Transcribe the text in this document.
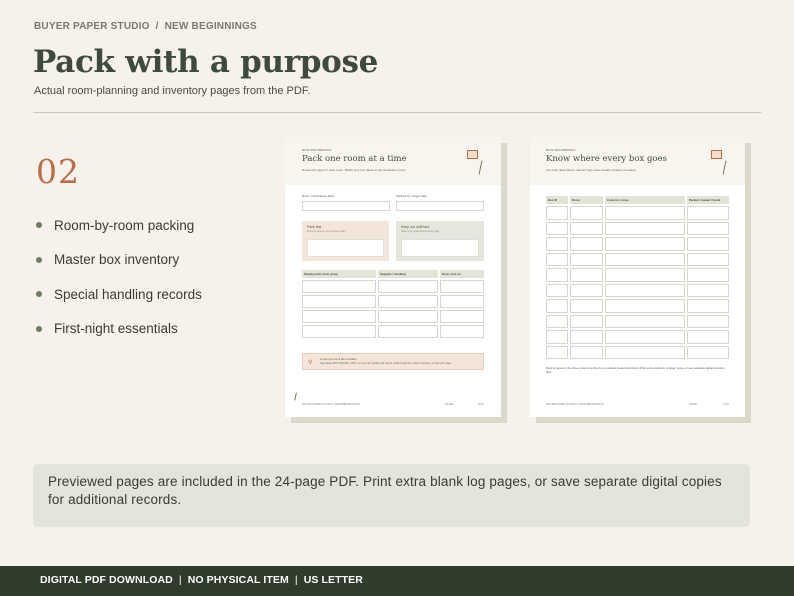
BUYER PAPER STUDIO / NEW BEGINNINGS
Pack with a purpose

Actual room-planning and inventory pages from the PDF.

02
Room-by-room packing
Master box inventory
Special handling records
First-night essentials
NEW BEGINNINGS
Pack one room at a time
Reuse this page for each room. Match your box labels to the destination room.
Room / destination label	Packed by / target date
Pack first
Items in rooms you use less often
Keep out until last
Items you need almost every day
Packing task / item group	Supplies / handling	Done / box no.

⚲
A room is not a box number.
Use labels WITH ROOM + BOX, so you can quickly find what's packed with the master inventory on the next page.
BUYER PAPER STUDIO | NEW BEGINNINGS	PAGE	6/24
NEW BEGINNINGS
Know where every box goes
Use brief descriptions. Record high value details privately if needed.
Box ID	Room	Contents / notes	Packed / loaded / found

Mark progress in the three columns at the box is packed, loaded and found. Print extra copies for a larger move, or use separate digital inventory files.
BUYER PAPER STUDIO | NEW BEGINNINGS	PAGE	7/24
Previewed pages are included in the 24-page PDF. Print extra blank log pages, or save separate digital copies for additional records.
DIGITAL PDF DOWNLOAD | NO PHYSICAL ITEM | US LETTER
